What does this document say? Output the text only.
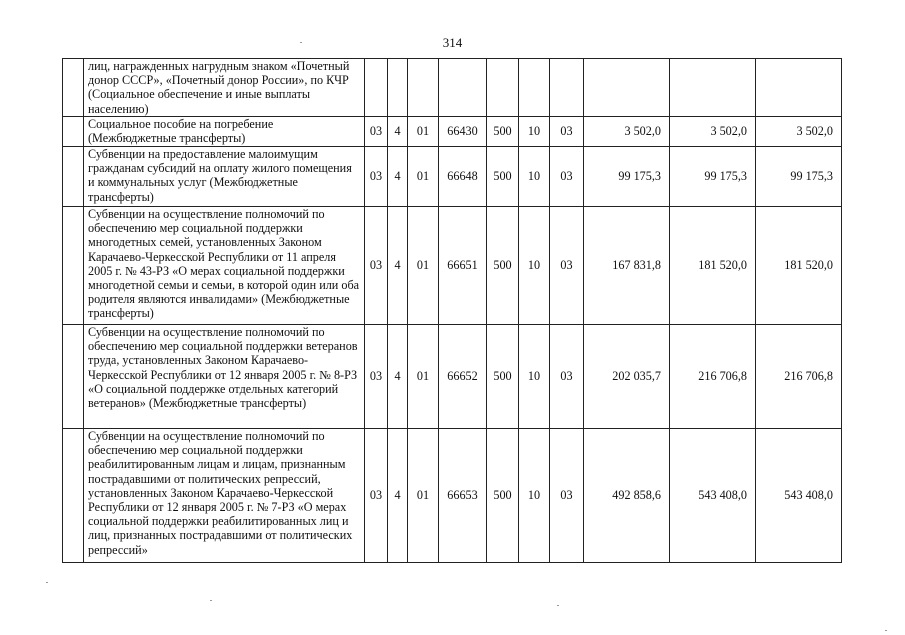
314
	лиц, награжденных нагрудным знаком «Почетный донор СССР», «Почетный донор России», по КЧР (Социальное обеспечение и иные выплаты населению)										
	Социальное пособие на погребение (Межбюджетные трансферты)	03	4	01	66430	500	10	03	3 502,0	3 502,0	3 502,0
	Субвенции на предоставление малоимущим гражданам субсидий на оплату жилого помещения и коммунальных услуг (Межбюджетные трансферты)	03	4	01	66648	500	10	03	99 175,3	99 175,3	99 175,3
	Субвенции на осуществление полномочий по обеспечению мер социальной поддержки многодетных семей, установленных Законом Карачаево-Черкесской Республики от 11 апреля 2005 г. № 43-РЗ «О мерах социальной поддержки многодетной семьи и семьи, в которой один или оба родителя являются инвалидами» (Межбюджетные трансферты)	03	4	01	66651	500	10	03	167 831,8	181 520,0	181 520,0
	Субвенции на осуществление полномочий по обеспечению мер социальной поддержки ветеранов труда, установленных Законом Карачаево-Черкесской Республики от 12 января 2005 г. № 8-РЗ «О социальной поддержке отдельных категорий ветеранов» (Межбюджетные трансферты)	03	4	01	66652	500	10	03	202 035,7	216 706,8	216 706,8
	Субвенции на осуществление полномочий по обеспечению мер социальной поддержки реабилитированным лицам и лицам, признанным пострадавшими от политических репрессий, установленных Законом Карачаево-Черкесской Республики от 12 января 2005 г. № 7-РЗ «О мерах социальной поддержки реабилитированных лиц и лиц, признанных пострадавшими от политических репрессий»	03	4	01	66653	500	10	03	492 858,6	543 408,0	543 408,0
